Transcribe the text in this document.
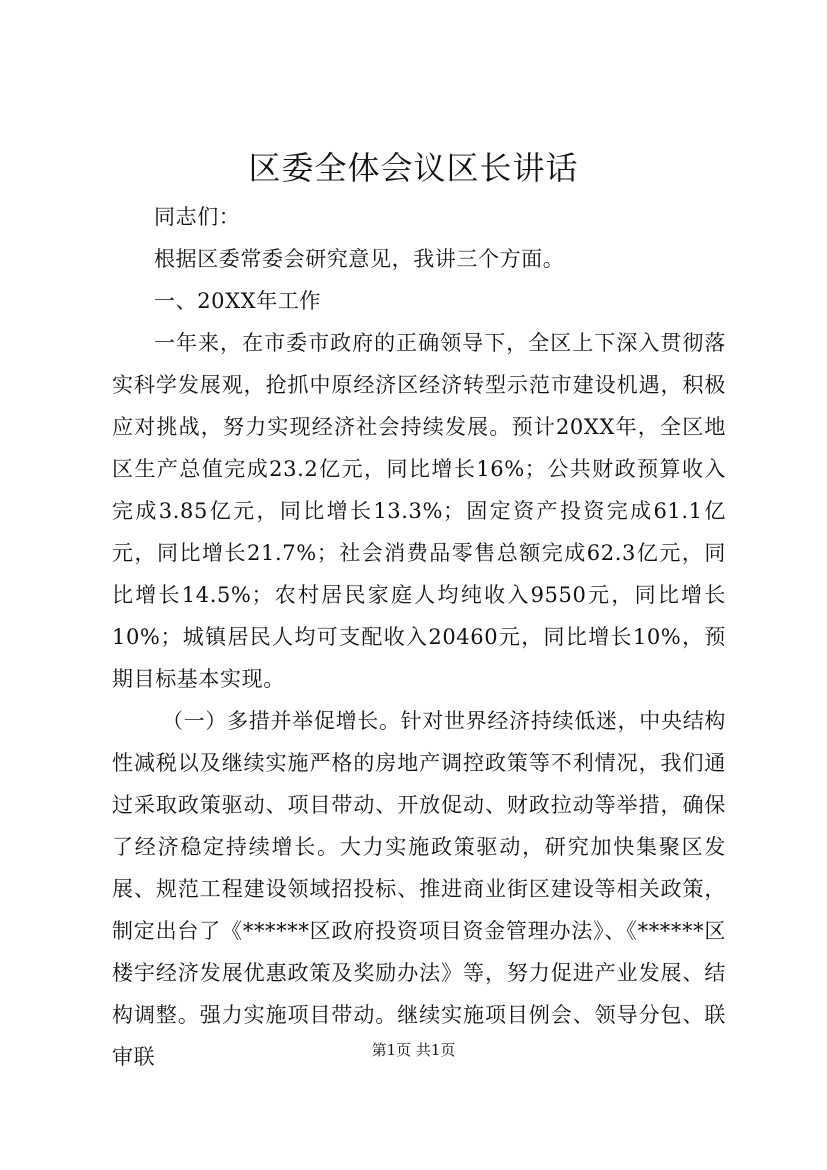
区委全体会议区长讲话

同志们：

根据区委常委会研究意见，我讲三个方面。

一、20XX年工作

一年来，在市委市政府的正确领导下，全区上下深入贯彻落实科学发展观，抢抓中原经济区经济转型示范市建设机遇，积极应对挑战，努力实现经济社会持续发展。预计20XX年，全区地区生产总值完成23.2亿元，同比增长16%；公共财政预算收入完成3.85亿元，同比增长13.3%；固定资产投资完成61.1亿元，同比增长21.7%；社会消费品零售总额完成62.3亿元，同比增长14.5%；农村居民家庭人均纯收入9550元，同比增长10%；城镇居民人均可支配收入20460元，同比增长10%，预期目标基本实现。

（一）多措并举促增长。针对世界经济持续低迷，中央结构性减税以及继续实施严格的房地产调控政策等不利情况，我们通过采取政策驱动、项目带动、开放促动、财政拉动等举措，确保了经济稳定持续增长。大力实施政策驱动，研究加快集聚区发展、规范工程建设领域招投标、推进商业街区建设等相关政策，制定出台了《******区政府投资项目资金管理办法》、《******区楼宇经济发展优惠政策及奖励办法》等，努力促进产业发展、结构调整。强力实施项目带动。继续实施项目例会、领导分包、联审联	第1页 共1页
